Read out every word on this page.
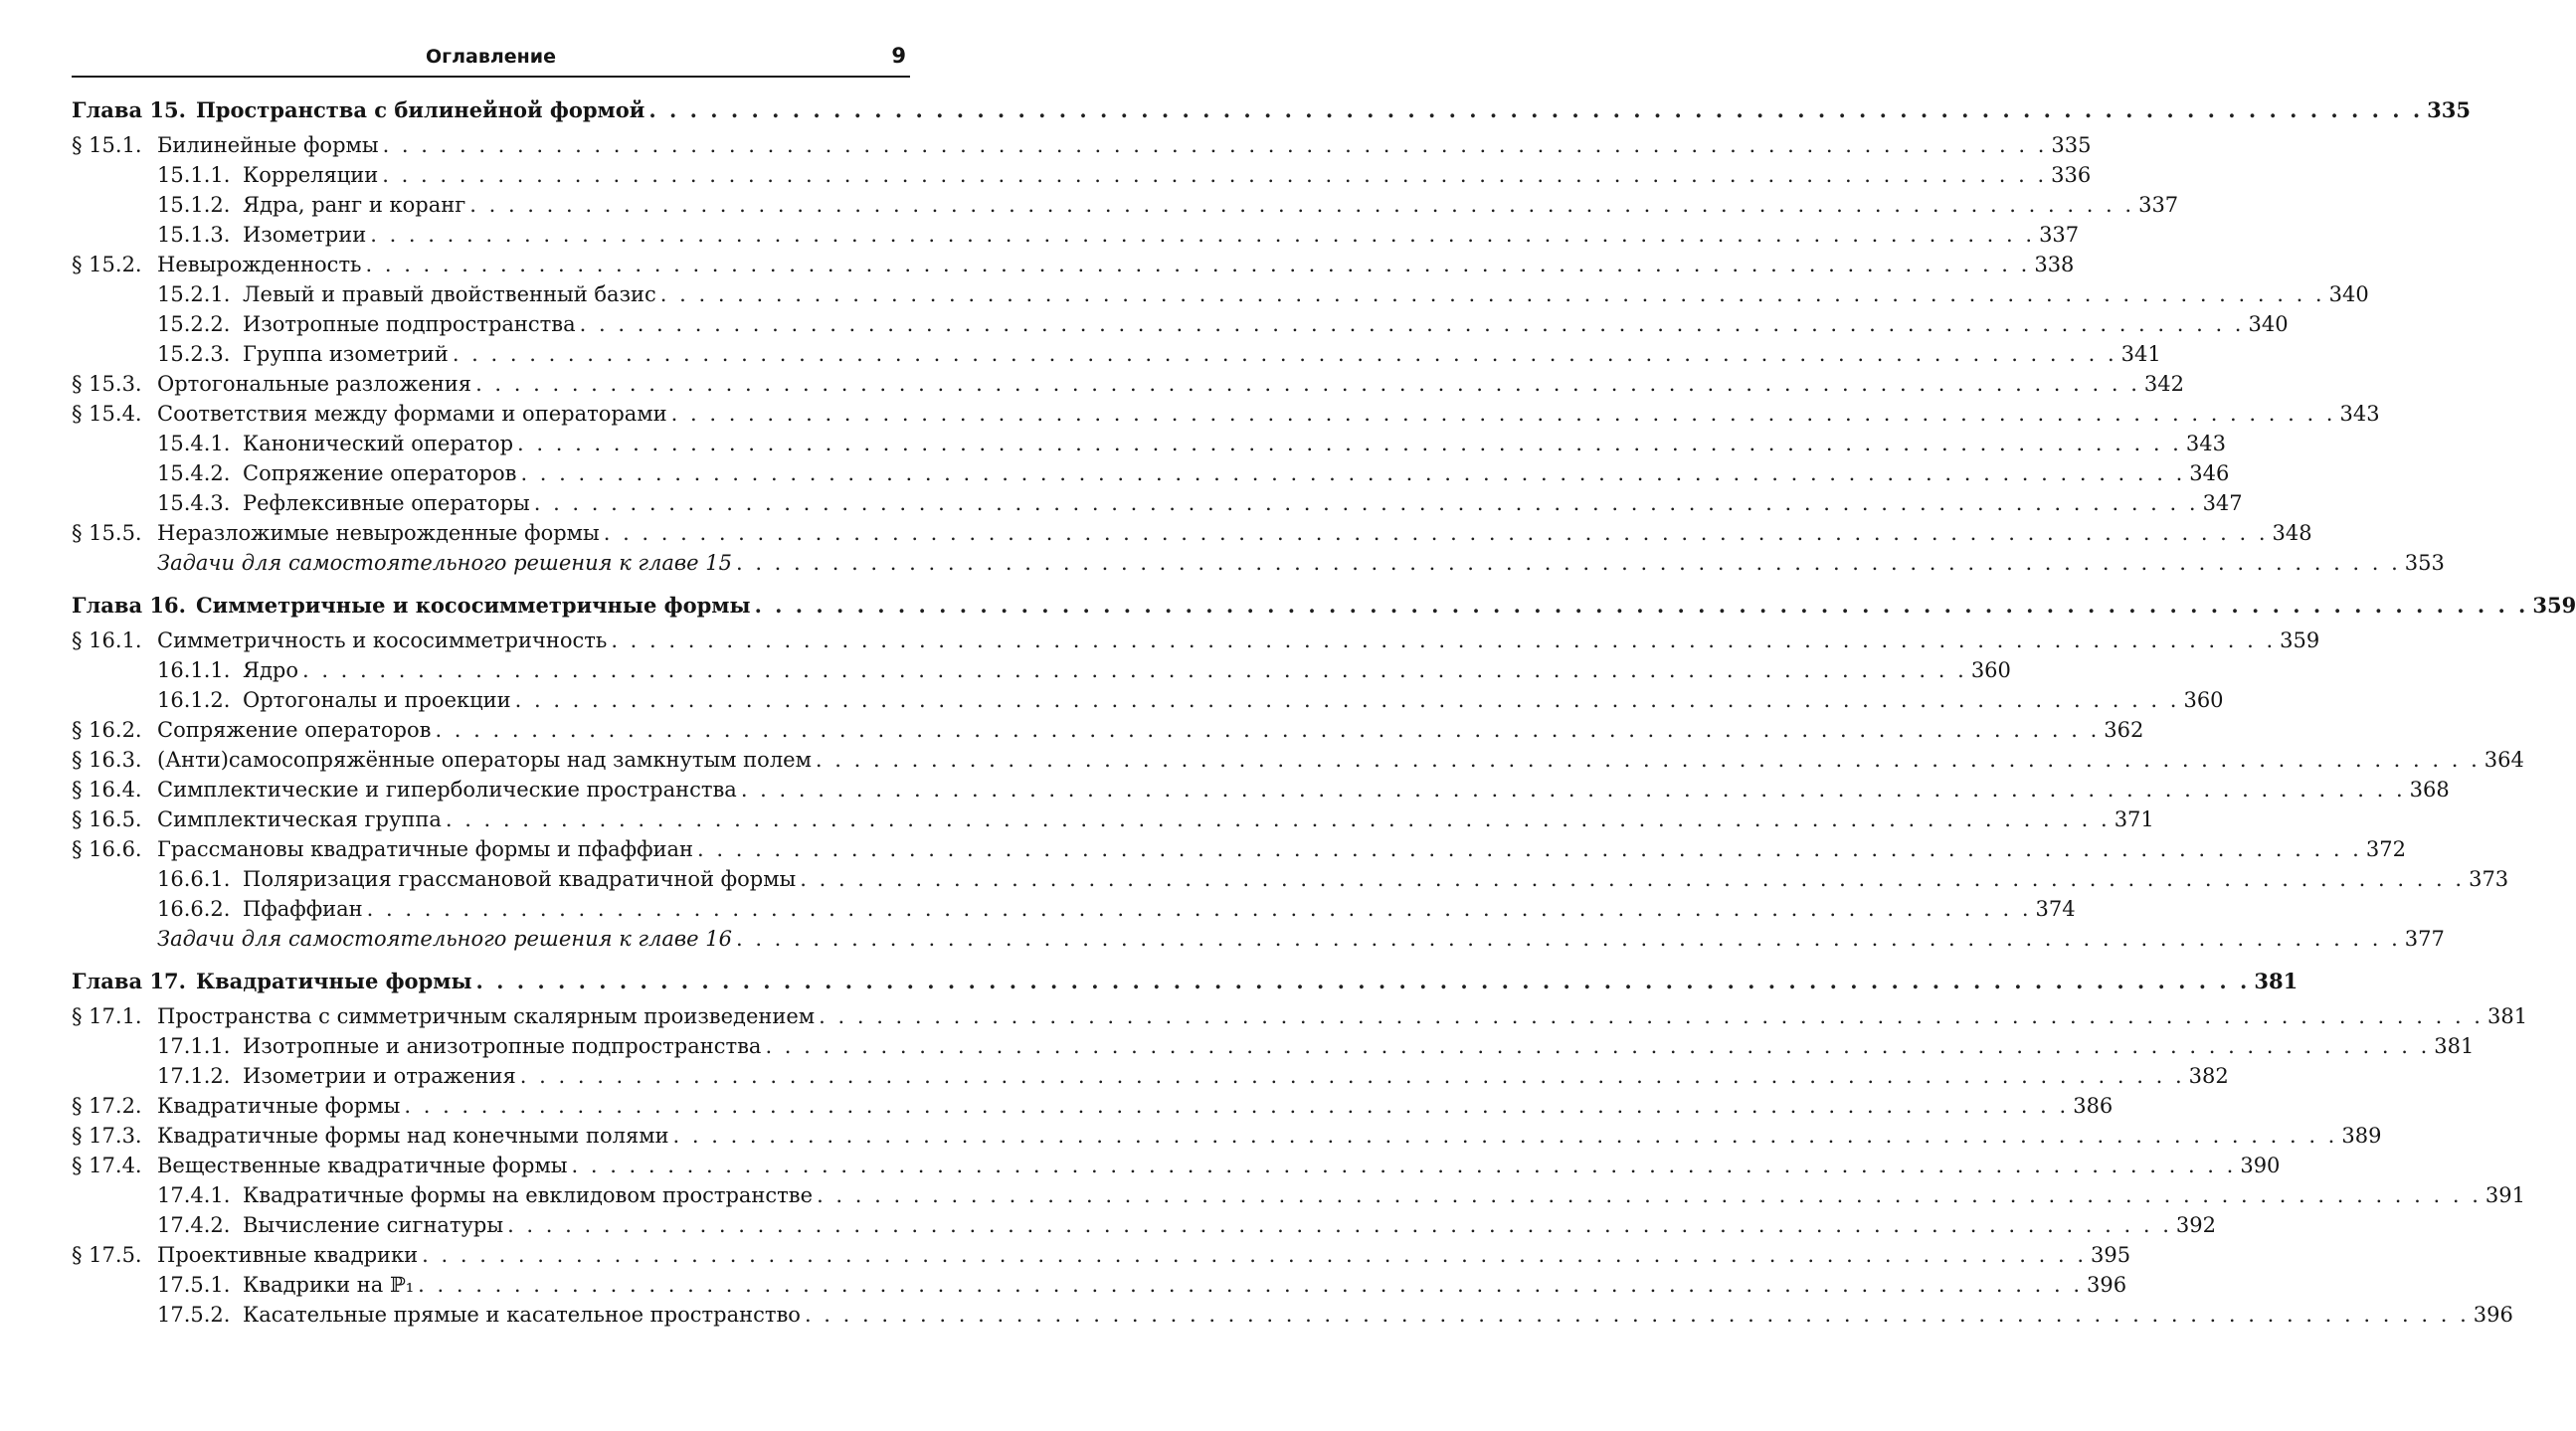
Оглавление	9
Глава 15. Пространства с билинейной формой . . .	335
§ 15.1. Билинейные формы . . .	335
15.1.1. Корреляции . . .	336
15.1.2. Ядра, ранг и коранг . . .	337
15.1.3. Изометрии . . .	337
§ 15.2. Невырожденность . . .	338
15.2.1. Левый и правый двойственный базис . . .	340
15.2.2. Изотропные подпространства . . .	340
15.2.3. Группа изометрий . . .	341
§ 15.3. Ортогональные разложения . . .	342
§ 15.4. Соответствия между формами и операторами . . .	343
15.4.1. Канонический оператор . . .	343
15.4.2. Сопряжение операторов . . .	346
15.4.3. Рефлексивные операторы . . .	347
§ 15.5. Неразложимые невырожденные формы . . .	348
Задачи для самостоятельного решения к главе 15 . . .	353
Глава 16. Симметричные и кососимметричные формы . . .	359
§ 16.1. Симметричность и кососимметричность . . .	359
16.1.1. Ядро . . .	360
16.1.2. Ортогоналы и проекции . . .	360
§ 16.2. Сопряжение операторов . . .	362
§ 16.3. (Анти)самосопряжённые операторы над замкнутым полем . . .	364
§ 16.4. Симплектические и гиперболические пространства . . .	368
§ 16.5. Симплектическая группа . . .	371
§ 16.6. Грассмановы квадратичные формы и пфаффиан . . .	372
16.6.1. Поляризация грассмановой квадратичной формы . . .	373
16.6.2. Пфаффиан . . .	374
Задачи для самостоятельного решения к главе 16 . . .	377
Глава 17. Квадратичные формы . . .	381
§ 17.1. Пространства с симметричным скалярным произведением . . .	381
17.1.1. Изотропные и анизотропные подпространства . . .	381
17.1.2. Изометрии и отражения . . .	382
§ 17.2. Квадратичные формы . . .	386
§ 17.3. Квадратичные формы над конечными полями . . .	389
§ 17.4. Вещественные квадратичные формы . . .	390
17.4.1. Квадратичные формы на евклидовом пространстве . . .	391
17.4.2. Вычисление сигнатуры . . .	392
§ 17.5. Проективные квадрики . . .	395
17.5.1. Квадрики на ℙ₁ . . .	396
17.5.2. Касательные прямые и касательное пространство . . .	396
